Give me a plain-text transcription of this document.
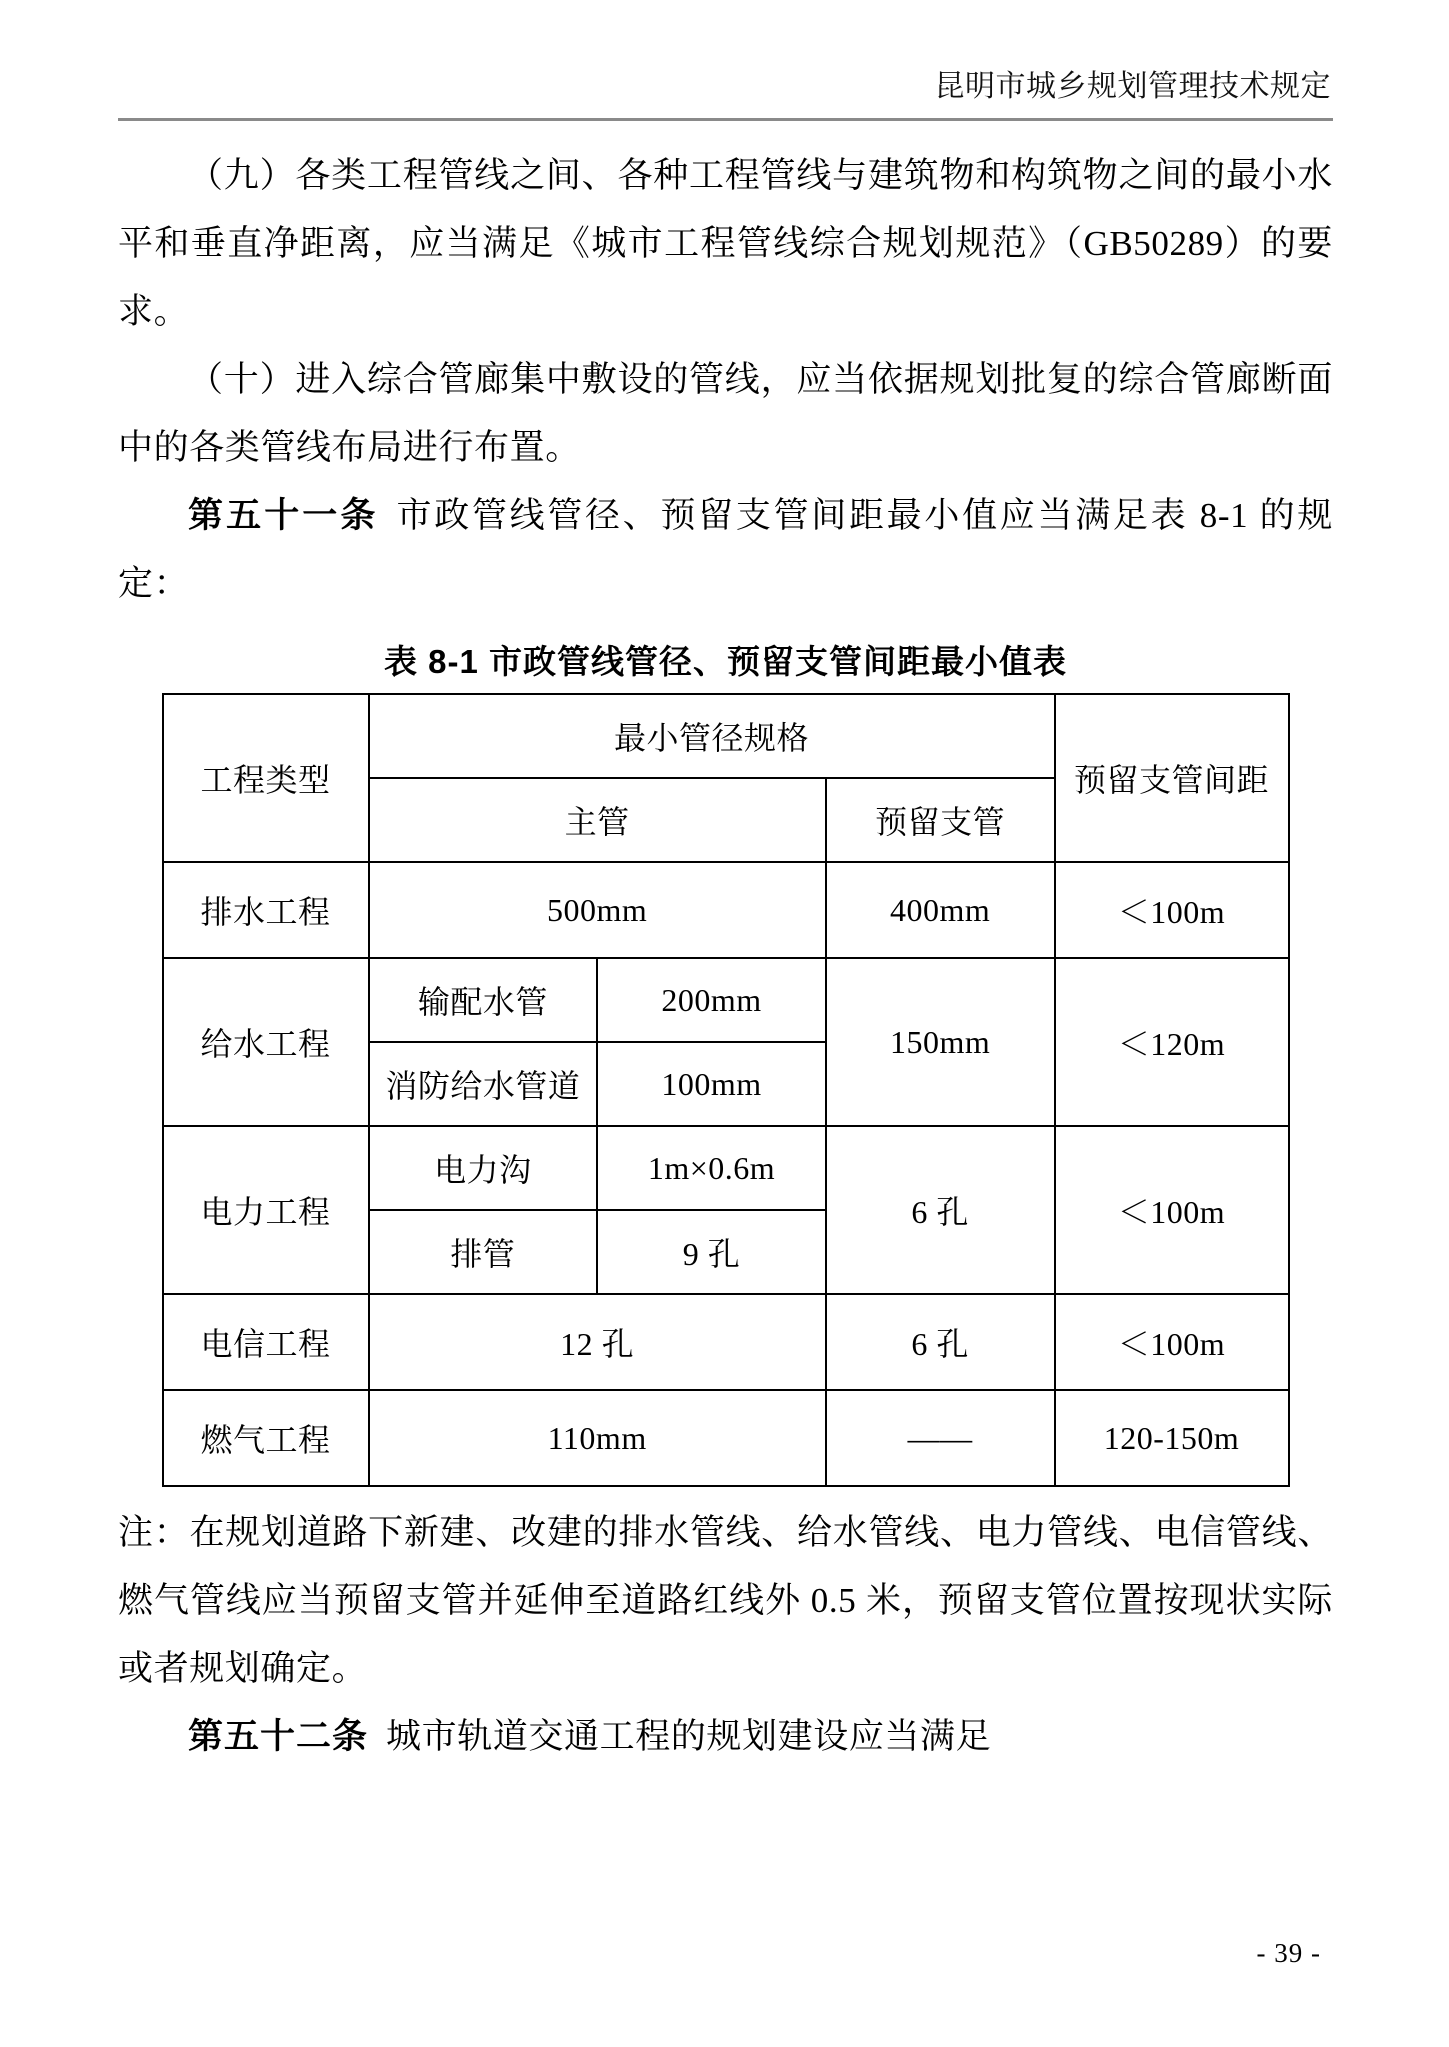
昆明市城乡规划管理技术规定

（九）各类工程管线之间、各种工程管线与建筑物和构筑物之间的最小水平和垂直净距离，应当满足《城市工程管线综合规划规范》（GB50289）的要求。

（十）进入综合管廊集中敷设的管线，应当依据规划批复的综合管廊断面中的各类管线布局进行布置。

第五十一条 市政管线管径、预留支管间距最小值应当满足表 8-1 的规定：

表 8-1 市政管线管径、预留支管间距最小值表
工程类型	最小管径规格			预留支管间距
	主管		预留支管	
排水工程	500mm		400mm	＜100m
给水工程	输配水管	200mm	150mm	＜120m
	消防给水管道	100mm		
电力工程	电力沟	1m×0.6m	6 孔	＜100m
	排管	9 孔		
电信工程	12 孔		6 孔	＜100m
燃气工程	110mm		——	120-150m

注：在规划道路下新建、改建的排水管线、给水管线、电力管线、电信管线、燃气管线应当预留支管并延伸至道路红线外 0.5 米，预留支管位置按现状实际或者规划确定。

第五十二条 城市轨道交通工程的规划建设应当满足

- 39 -
